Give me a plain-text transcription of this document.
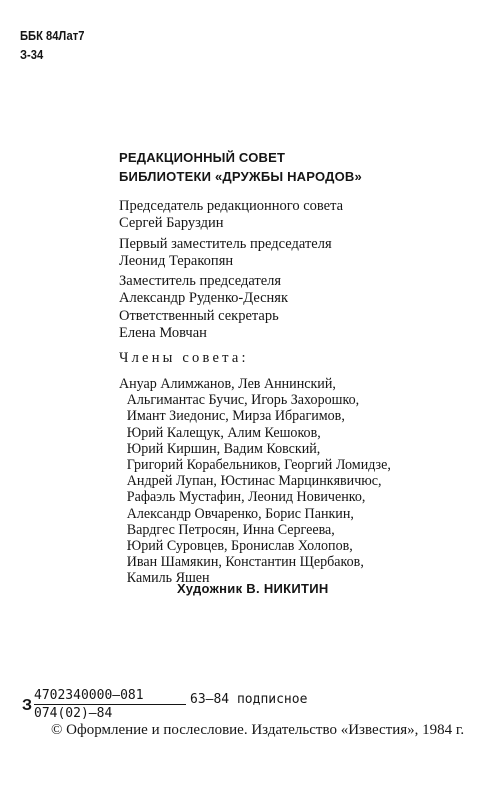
ББК 84Лат7
З-34
РЕДАКЦИОННЫЙ СОВЕТ
БИБЛИОТЕКИ «ДРУЖБЫ НАРОДОВ»
Председатель редакционного совета
Сергей Баруздин
Первый заместитель председателя
Леонид Теракопян
Заместитель председателя
Александр Руденко-Десняк
Ответственный секретарь
Елена Мовчан
Члены совета:
Ануар Алимжанов, Лев Аннинский,
Альгимантас Бучис, Игорь Захорошко,
Имант Зиедонис, Мирза Ибрагимов,
Юрий Калещук, Алим Кешоков,
Юрий Киршин, Вадим Ковский,
Григорий Корабельников, Георгий Ломидзе,
Андрей Лупан, Юстинас Марцинкявичюс,
Рафаэль Мустафин, Леонид Новиченко,
Александр Овчаренко, Борис Панкин,
Вардгес Петросян, Инна Сергеева,
Юрий Суровцев, Бронислав Холопов,
Иван Шамякин, Константин Щербаков,
Камиль Яшен
Художник В. НИКИТИН
З
4702340000—081
074(02)—84
63—84 подписное
© Оформление и послесловие. Издательство «Известия», 1984 г.
